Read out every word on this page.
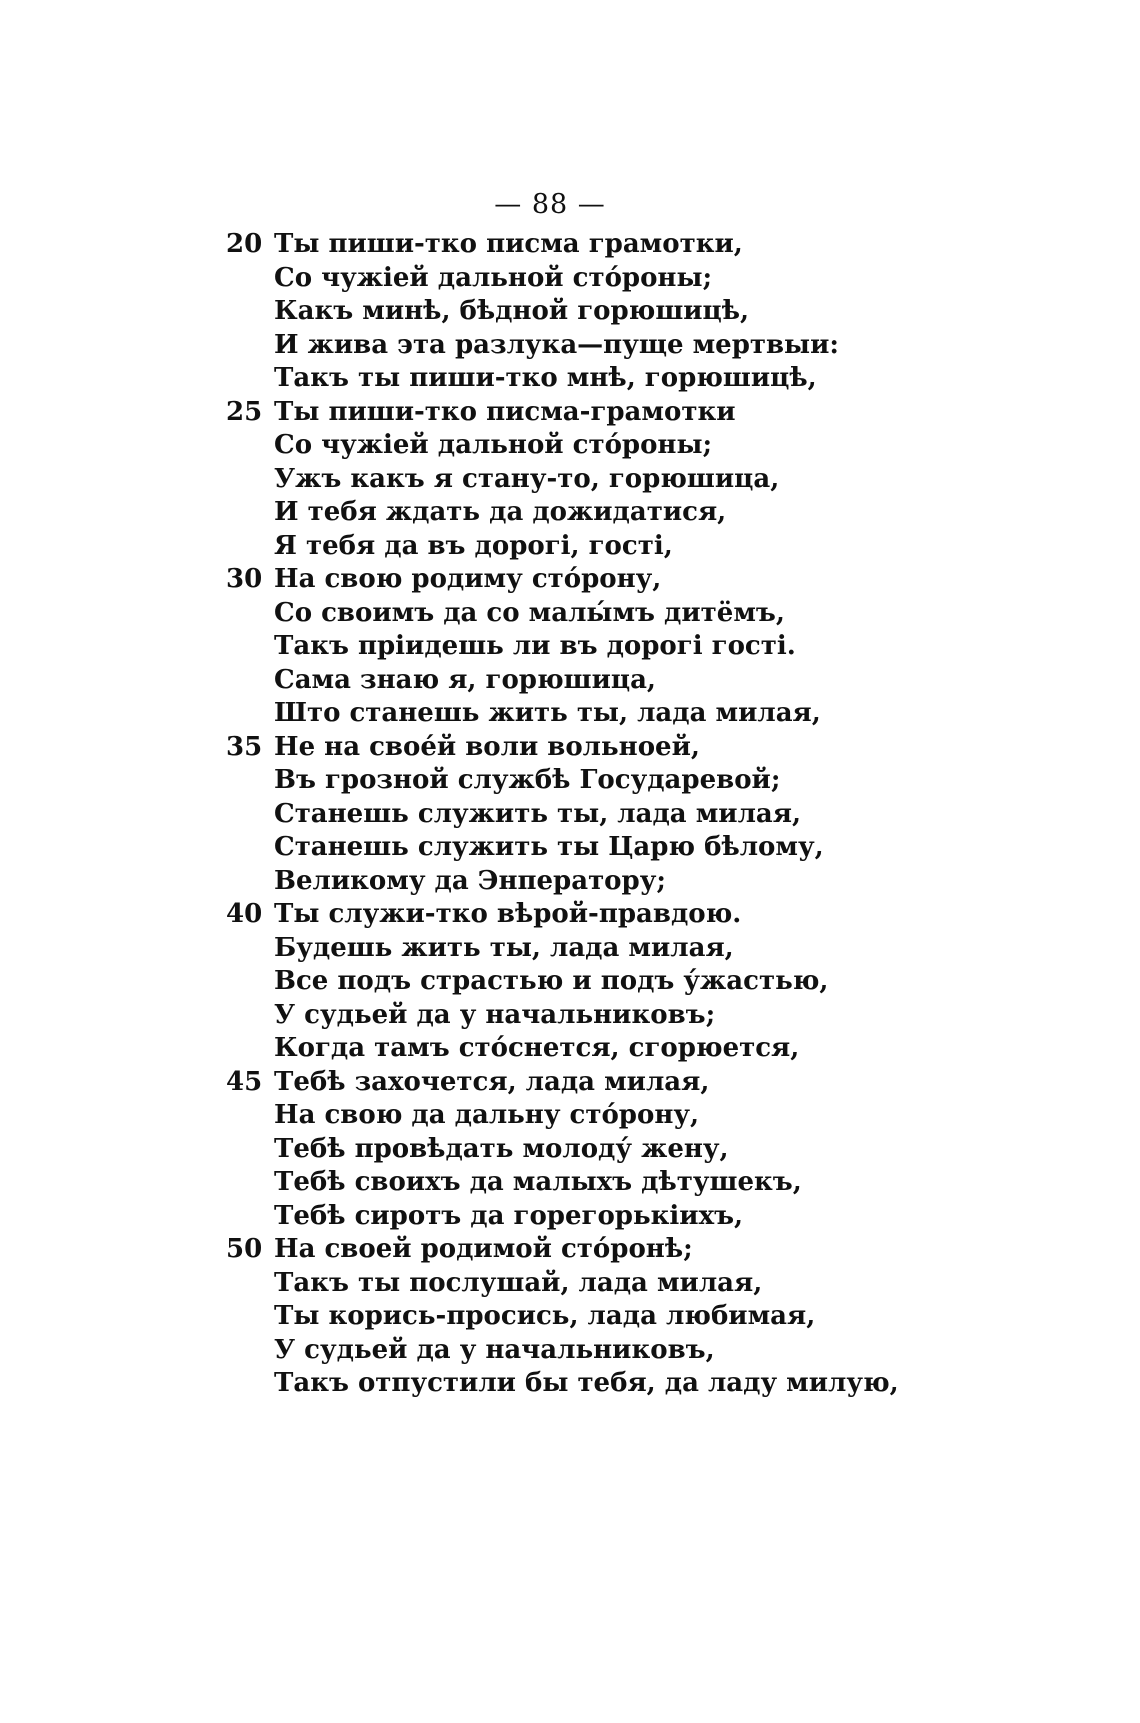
— 88 —
20 Ты пиши-тко писма грамотки,
Со чужіей дальной стóроны;
Какъ минѣ, бѣдной горюшицѣ,
И жива эта разлука—пуще мертвыи:
Такъ ты пиши-тко мнѣ, горюшицѣ,
25 Ты пиши-тко писма-грамотки
Со чужіей дальной стóроны;
Ужъ какъ я стану-то, горюшица,
И тебя ждать да дожидатися,
Я тебя да въ дорогі, гості,
30 На свою родиму стóрону,
Со своимъ да со малы́мъ дитёмъ,
Такъ пріидешь ли въ дорогі гості.
Сама знаю я, горюшица,
Што станешь жить ты, лада милая,
35 Не на своéй воли вольноей,
Въ грозной службѣ Государевой;
Станешь служить ты, лада милая,
Станешь служить ты Царю бѣлому,
Великому да Энператору;
40 Ты служи-тко вѣрой-правдою.
Будешь жить ты, лада милая,
Все подъ страстью и подъ у́жастью,
У судьей да у начальниковъ;
Когда тамъ стóснется, сгорюется,
45 Тебѣ захочется, лада милая,
На свою да дальну стóрону,
Тебѣ провѣдать молоду́ жену,
Тебѣ своихъ да малыхъ дѣтушекъ,
Тебѣ сиротъ да горегорькіихъ,
50 На своей родимой стóронѣ;
Такъ ты послушай, лада милая,
Ты корись-просись, лада любимая,
У судьей да у начальниковъ,
Такъ отпустили бы тебя, да ладу милую,
